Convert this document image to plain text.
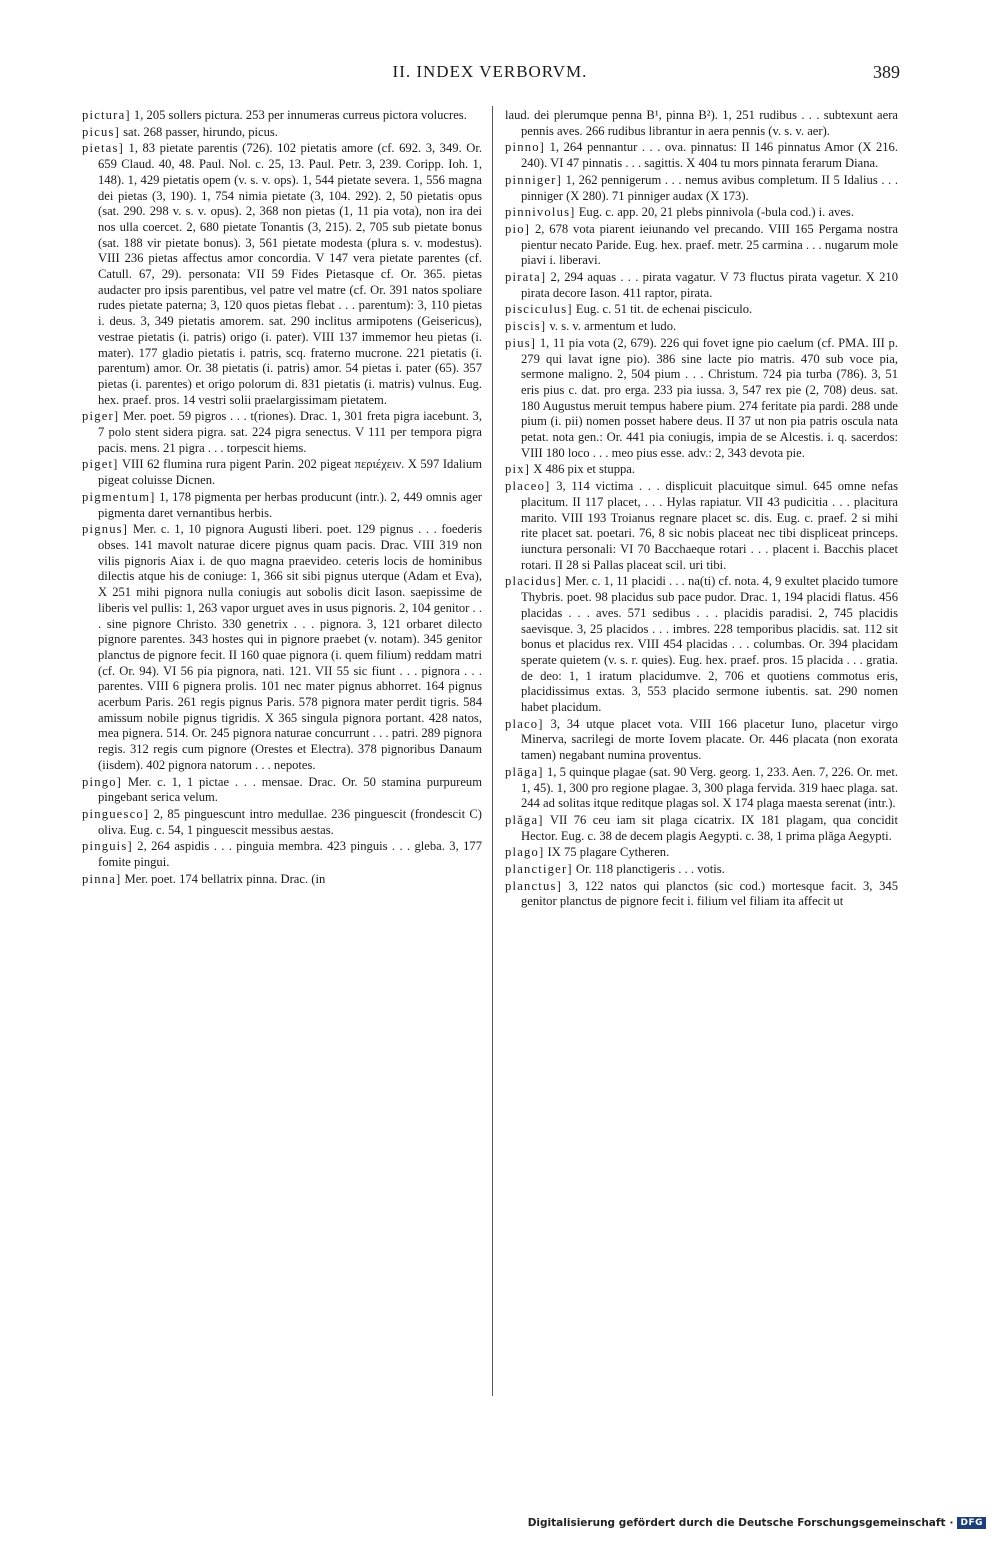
II. INDEX VERBORVM.	389

pictura] 1, 205 sollers pictura. 253 per innumeras curreus pictora volucres.

picus] sat. 268 passer, hirundo, picus.

pietas] 1, 83 pietate parentis (726). 102 pietatis amore (cf. 692. 3, 349. Or. 659 Claud. 40, 48. Paul. Nol. c. 25, 13. Paul. Petr. 3, 239. Coripp. Ioh. 1, 148). 1, 429 pietatis opem (v. s. v. ops). 1, 544 pietate severa. 1, 556 magna dei pietas (3, 190). 1, 754 nimia pietate (3, 104. 292). 2, 50 pietatis opus (sat. 290. 298 v. s. v. opus). 2, 368 non pietas (1, 11 pia vota), non ira dei nos ulla coercet. 2, 680 pietate Tonantis (3, 215). 2, 705 sub pietate bonus (sat. 188 vir pietate bonus). 3, 561 pietate modesta (plura s. v. modestus). VIII 236 pietas affectus amor concordia. V 147 vera pietate parentes (cf. Catull. 67, 29). personata: VII 59 Fides Pietasque cf. Or. 365. pietas audacter pro ipsis parentibus, vel patre vel matre (cf. Or. 391 natos spoliare rudes pietate paterna; 3, 120 quos pietas flebat . . . parentum): 3, 110 pietas i. deus. 3, 349 pietatis amorem. sat. 290 inclitus armipotens (Geisericus), vestrae pietatis (i. patris) origo (i. pater). VIII 137 immemor heu pietas (i. mater). 177 gladio pietatis i. patris, scq. fraterno mucrone. 221 pietatis (i. parentum) amor. Or. 38 pietatis (i. patris) amor. 54 pietas i. pater (65). 357 pietas (i. parentes) et origo polorum di. 831 pietatis (i. matris) vulnus. Eug. hex. praef. pros. 14 vestri solii praelargissimam pietatem.

piger] Mer. poet. 59 pigros . . . t(riones). Drac. 1, 301 freta pigra iacebunt. 3, 7 polo stent sidera pigra. sat. 224 pigra senectus. V 111 per tempora pigra pacis. mens. 21 pigra . . . torpescit hiems.

piget] VIII 62 flumina rura pigent Parin. 202 pigeat περιέχειν. X 597 Idalium pigeat coluisse Dicnen.

pigmentum] 1, 178 pigmenta per herbas producunt (intr.). 2, 449 omnis ager pigmenta daret vernantibus herbis.

pignus] Mer. c. 1, 10 pignora Augusti liberi. poet. 129 pignus . . . foederis obses. 141 mavolt naturae dicere pignus quam pacis. Drac. VIII 319 non vilis pignoris Aiax i. de quo magna praevideo. ceteris locis de hominibus dilectis atque his de coniuge: 1, 366 sit sibi pignus uterque (Adam et Eva), X 251 mihi pignora nulla coniugis aut sobolis dicit Iason. saepissime de liberis vel pullis: 1, 263 vapor urguet aves in usus pignoris. 2, 104 genitor . . . sine pignore Christo. 330 genetrix . . . pignora. 3, 121 orbaret dilecto pignore parentes. 343 hostes qui in pignore praebet (v. notam). 345 genitor planctus de pignore fecit. II 160 quae pignora (i. quem filium) reddam matri (cf. Or. 94). VI 56 pia pignora, nati. 121. VII 55 sic fiunt . . . pignora . . . parentes. VIII 6 pignera prolis. 101 nec mater pignus abhorret. 164 pignus acerbum Paris. 261 regis pignus Paris. 578 pignora mater perdit tigris. 584 amissum nobile pignus tigridis. X 365 singula pignora portant. 428 natos, mea pignera. 514. Or. 245 pignora naturae concurrunt . . . patri. 289 pignora regis. 312 regis cum pignore (Orestes et Electra). 378 pignoribus Danaum (iisdem). 402 pignora natorum . . . nepotes.

pingo] Mer. c. 1, 1 pictae . . . mensae. Drac. Or. 50 stamina purpureum pingebant serica velum.

pinguesco] 2, 85 pinguescunt intro medullae. 236 pinguescit (frondescit C) oliva. Eug. c. 54, 1 pinguescit messibus aestas.

pinguis] 2, 264 aspidis . . . pinguia membra. 423 pinguis . . . gleba. 3, 177 fomite pingui.

pinna] Mer. poet. 174 bellatrix pinna. Drac. (in

laud. dei plerumque penna B¹, pinna B²). 1, 251 rudibus . . . subtexunt aera pennis aves. 266 rudibus librantur in aera pennis (v. s. v. aer).

pinno] 1, 264 pennantur . . . ova. pinnatus: II 146 pinnatus Amor (X 216. 240). VI 47 pinnatis . . . sagittis. X 404 tu mors pinnata ferarum Diana.

pinniger] 1, 262 pennigerum . . . nemus avibus completum. II 5 Idalius . . . pinniger (X 280). 71 pinniger audax (X 173).

pinnivolus] Eug. c. app. 20, 21 plebs pinnivola (-bula cod.) i. aves.

pio] 2, 678 vota piarent ieiunando vel precando. VIII 165 Pergama nostra pientur necato Paride. Eug. hex. praef. metr. 25 carmina . . . nugarum mole piavi i. liberavi.

pirata] 2, 294 aquas . . . pirata vagatur. V 73 fluctus pirata vagetur. X 210 pirata decore Iason. 411 raptor, pirata.

pisciculus] Eug. c. 51 tit. de echenai pisciculo.

piscis] v. s. v. armentum et ludo.

pius] 1, 11 pia vota (2, 679). 226 qui fovet igne pio caelum (cf. PMA. III p. 279 qui lavat igne pio). 386 sine lacte pio matris. 470 sub voce pia, sermone maligno. 2, 504 pium . . . Christum. 724 pia turba (786). 3, 51 eris pius c. dat. pro erga. 233 pia iussa. 3, 547 rex pie (2, 708) deus. sat. 180 Augustus meruit tempus habere pium. 274 feritate pia pardi. 288 unde pium (i. pii) nomen posset habere deus. II 37 ut non pia patris oscula nata petat. nota gen.: Or. 441 pia coniugis, impia de se Alcestis. i. q. sacerdos: VIII 180 loco . . . meo pius esse. adv.: 2, 343 devota pie.

pix] X 486 pix et stuppa.

placeo] 3, 114 victima . . . displicuit placuitque simul. 645 omne nefas placitum. II 117 placet, . . . Hylas rapiatur. VII 43 pudicitia . . . placitura marito. VIII 193 Troianus regnare placet sc. dis. Eug. c. praef. 2 si mihi rite placet sat. poetari. 76, 8 sic nobis placeat nec tibi displiceat princeps. iunctura personali: VI 70 Bacchaeque rotari . . . placent i. Bacchis placet rotari. II 28 si Pallas placeat scil. uri tibi.

placidus] Mer. c. 1, 11 placidi . . . na(ti) cf. nota. 4, 9 exultet placido tumore Thybris. poet. 98 placidus sub pace pudor. Drac. 1, 194 placidi flatus. 456 placidas . . . aves. 571 sedibus . . . placidis paradisi. 2, 745 placidis saevisque. 3, 25 placidos . . . imbres. 228 temporibus placidis. sat. 112 sit bonus et placidus rex. VIII 454 placidas . . . columbas. Or. 394 placidam sperate quietem (v. s. r. quies). Eug. hex. praef. pros. 15 placida . . . gratia. de deo: 1, 1 iratum placidumve. 2, 706 et quotiens commotus eris, placidissimus extas. 3, 553 placido sermone iubentis. sat. 290 nomen habet placidum.

placo] 3, 34 utque placet vota. VIII 166 placetur Iuno, placetur virgo Minerva, sacrilegi de morte Iovem placate. Or. 446 placata (non exorata tamen) negabant numina proventus.

plāga] 1, 5 quinque plagae (sat. 90 Verg. georg. 1, 233. Aen. 7, 226. Or. met. 1, 45). 1, 300 pro regione plagae. 3, 300 plaga fervida. 319 haec plaga. sat. 244 ad solitas itque reditque plagas sol. X 174 plaga maesta serenat (intr.).

plăga] VII 76 ceu iam sit plaga cicatrix. IX 181 plagam, qua concidit Hector. Eug. c. 38 de decem plagis Aegypti. c. 38, 1 prima plăga Aegypti.

plago] IX 75 plagare Cytheren.

planctiger] Or. 118 planctigeris . . . votis.

planctus] 3, 122 natos qui planctos (sic cod.) mortesque facit. 3, 345 genitor planctus de pignore fecit i. filium vel filiam ita affecit ut

Digitalisierung gefördert durch die Deutsche Forschungsgemeinschaft · DFG
